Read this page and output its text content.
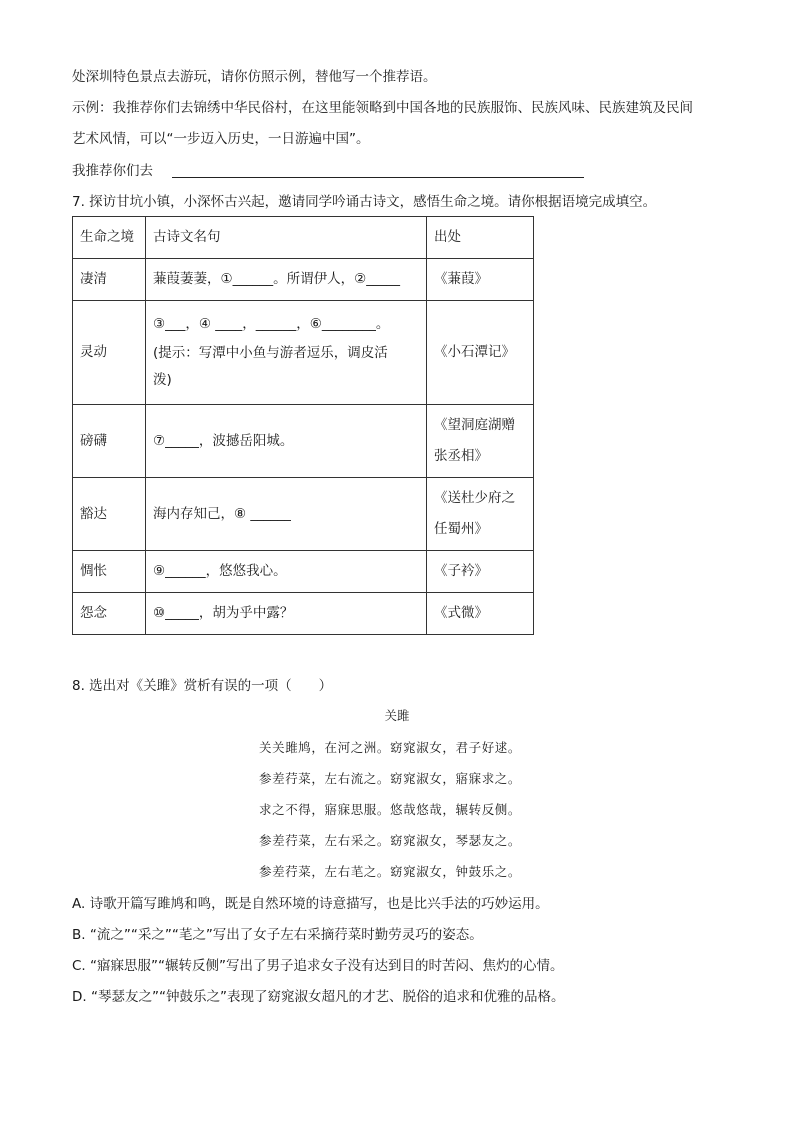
处深圳特色景点去游玩，请你仿照示例，替他写一个推荐语。
示例：我推荐你们去锦绣中华民俗村，在这里能领略到中国各地的民族服饰、民族风味、民族建筑及民间
艺术风情，可以“一步迈入历史，一日游遍中国”。
我推荐你们去
7. 探访甘坑小镇，小深怀古兴起，邀请同学吟诵古诗文，感悟生命之境。请你根据语境完成填空。
生命之境	古诗文名句	出处
凄清	蒹葭萋萋，①______。所谓伊人，②_____	《蒹葭》

灵动	③___，④ ____，______，⑥________。
(提示：写潭中小鱼与游者逗乐，调皮活
泼)	《小石潭记》

磅礴	⑦_____，波撼岳阳城。	《望洞庭湖赠
张丞相》

豁达	海内存知己，⑧ ______	《送杜少府之
任蜀州》

惆怅	⑨______，悠悠我心。	《子衿》

怨念	⑩_____，胡为乎中露？	《式微》
8. 选出对《关雎》赏析有误的一项（　　）
关雎
关关雎鸠，在河之洲。窈窕淑女，君子好逑。
参差荇菜，左右流之。窈窕淑女，寤寐求之。
求之不得，寤寐思服。悠哉悠哉，辗转反侧。
参差荇菜，左右采之。窈窕淑女，琴瑟友之。
参差荇菜，左右芼之。窈窕淑女，钟鼓乐之。
A. 诗歌开篇写雎鸠和鸣，既是自然环境的诗意描写，也是比兴手法的巧妙运用。
B. “流之”“采之”“芼之”写出了女子左右采摘荇菜时勤劳灵巧的姿态。
C. “寤寐思服”“辗转反侧”写出了男子追求女子没有达到目的时苦闷、焦灼的心情。
D. “琴瑟友之”“钟鼓乐之”表现了窈窕淑女超凡的才艺、脱俗的追求和优雅的品格。
